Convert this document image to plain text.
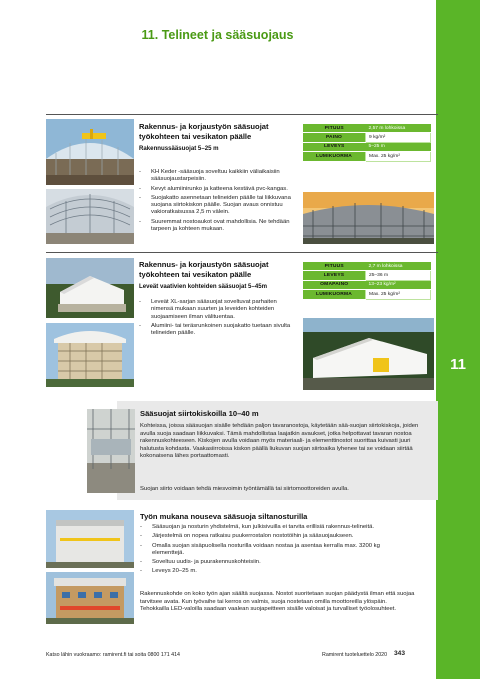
11
11. Telineet ja sääsuojaus
Rakennus- ja korjaustyön sääsuojat
työkohteen tai vesikaton päälle
Rakennussääsuojat 5–25 m
- KH Keder -sääsuoja soveltuu kaikkiin väliaikaisiin sääsuojaustarpeisiin.
- Kevyt alumiinirunko ja katteena kestävä pvc-kangas.
- Suojakatto asennetaan telineiden päälle tai liikkuvana suojana siirtokiskon päälle. Suojan avaus onnistuu vakioratkaisussa 2,5 m välein.
- Suuremmat nostoaukot ovat mahdollisia. Ne tehdään tarpeen ja kohteen mukaan.
PITUUS	2,57 m lohkoissa
PAINO	9 kg/m²
LEVEYS	5–25 m
LUMIKUORMA	Max. 25 kg/m²
Rakennus- ja korjaustyön sääsuojat
työkohteen tai vesikaton päälle
Leveät vaativien kohteiden sääsuojat 5–45m
- Leveät XL-sarjan sääsuojat soveltuvat parhaiten nimensä mukaan suurten ja leveiden kohteiden suojaamiseen ilman välituentaa.
- Alumiini- tai teräsrunkoinen suojakatto tuetaan sivulta telineiden päälle.
PITUUS	2,7 m lohkoissa
LEVEYS	25–36 m
OMAPAINO	13–23 kg/m²
LUMIKUORMA	Max. 25 kg/m²
Sääsuojat siirtokiskoilla 10–40 m

Kohteissa, joissa sääsuojan sisälle tehdään paljon tavaranostoja, käytetään sää-suojan siirtokiskoja, joiden avulla suoja saadaan liikkuvaksi. Tämä mahdollistaa laajatkin avaukset, jotka helpottavat tavaran nostoa rakennuskohteeseen. Kiskojen avulla voidaan myös materiaali- ja elementtinostot suorittaa kuivasti juuri halutusta kohdasta. Vaakasiirroissa kiskon päällä liukuvan suojan siirtoaika lyhenee tai se voidaan siirtää kokonaisena lähes portaattomasti.

Suojan siirto voidaan tehdä miesvoimin työntämällä tai siirtomoottoreiden avulla.

Työn mukana nouseva sääsuoja siltanosturilla
- Sääsuojan ja nosturin yhdistelmä, kun julkisivuilla ei tarvita erillisiä rakennus-telineitä.
- Järjestelmä on nopea ratkaisu puukerrostalon nostotöihin ja sääsuojaukseen.
- Omalla suojan sisäpuolisella nosturilla voidaan nostaa ja asentaa kerralla max. 3200 kg elementtejä.
- Soveltuu uudis- ja puurakennuskohteisiin.
- Leveys 20–25 m.

Rakennuskohde on koko työn ajan säältä suojassa. Nostot suoritetaan suojan päädystä ilman että suojaa tarvitsee avata. Kun työvaihe tai kerros on valmis, suoja nostetaan omilla moottoreilla ylöspäin. Tehokkailla LED-valoilla saadaan vaalean suojapeitteen sisälle valoisat ja turvalliset työolosuhteet.

Katso lähin vuokraamo: ramirent.fi tai soita 0800 171 414	Ramirent tuoteluettelo 2020 343
